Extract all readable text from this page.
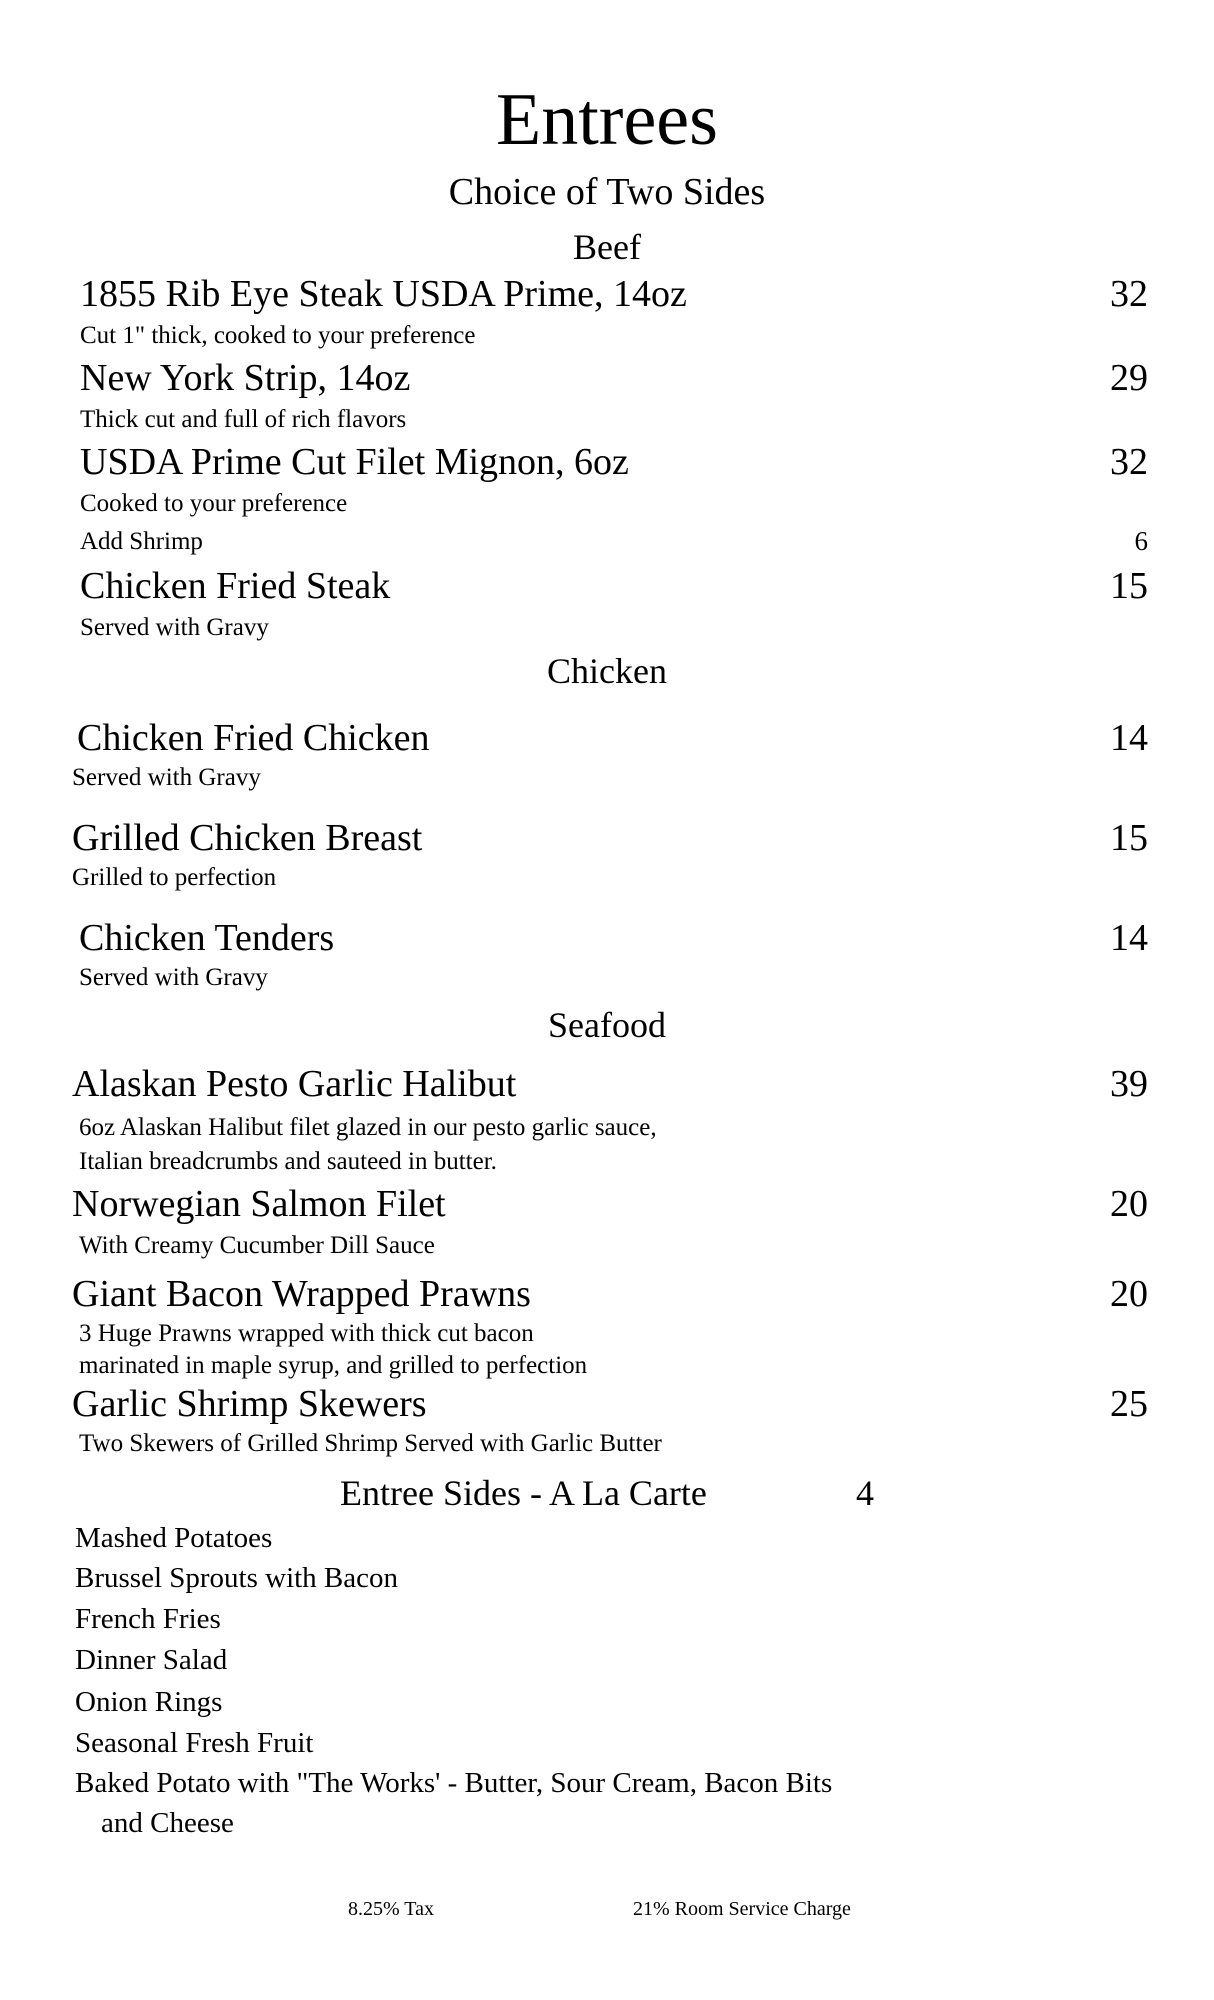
Entrees
Choice of Two Sides
Beef
1855 Rib Eye Steak USDA Prime, 14oz	32
Cut 1" thick, cooked to your preference
New York Strip, 14oz	29
Thick cut and full of rich flavors
USDA Prime Cut Filet Mignon, 6oz	32
Cooked to your preference
Add Shrimp	6
Chicken Fried Steak	15
Served with Gravy
Chicken
Chicken Fried Chicken	14
Served with Gravy
Grilled Chicken Breast	15
Grilled to perfection
Chicken Tenders	14
Served with Gravy
Seafood
Alaskan Pesto Garlic Halibut	39
6oz Alaskan Halibut filet glazed in our pesto garlic sauce,
Italian breadcrumbs and sauteed in butter.
Norwegian Salmon Filet	20
With Creamy Cucumber Dill Sauce
Giant Bacon Wrapped Prawns	20
3 Huge Prawns wrapped with thick cut bacon
marinated in maple syrup, and grilled to perfection
Garlic Shrimp Skewers	25
Two Skewers of Grilled Shrimp Served with Garlic Butter
Entree Sides - A La Carte	4
Mashed Potatoes
Brussel Sprouts with Bacon
French Fries
Dinner Salad
Onion Rings
Seasonal Fresh Fruit
Baked Potato with "The Works' - Butter, Sour Cream, Bacon Bits
and Cheese
8.25% Tax	21% Room Service Charge
